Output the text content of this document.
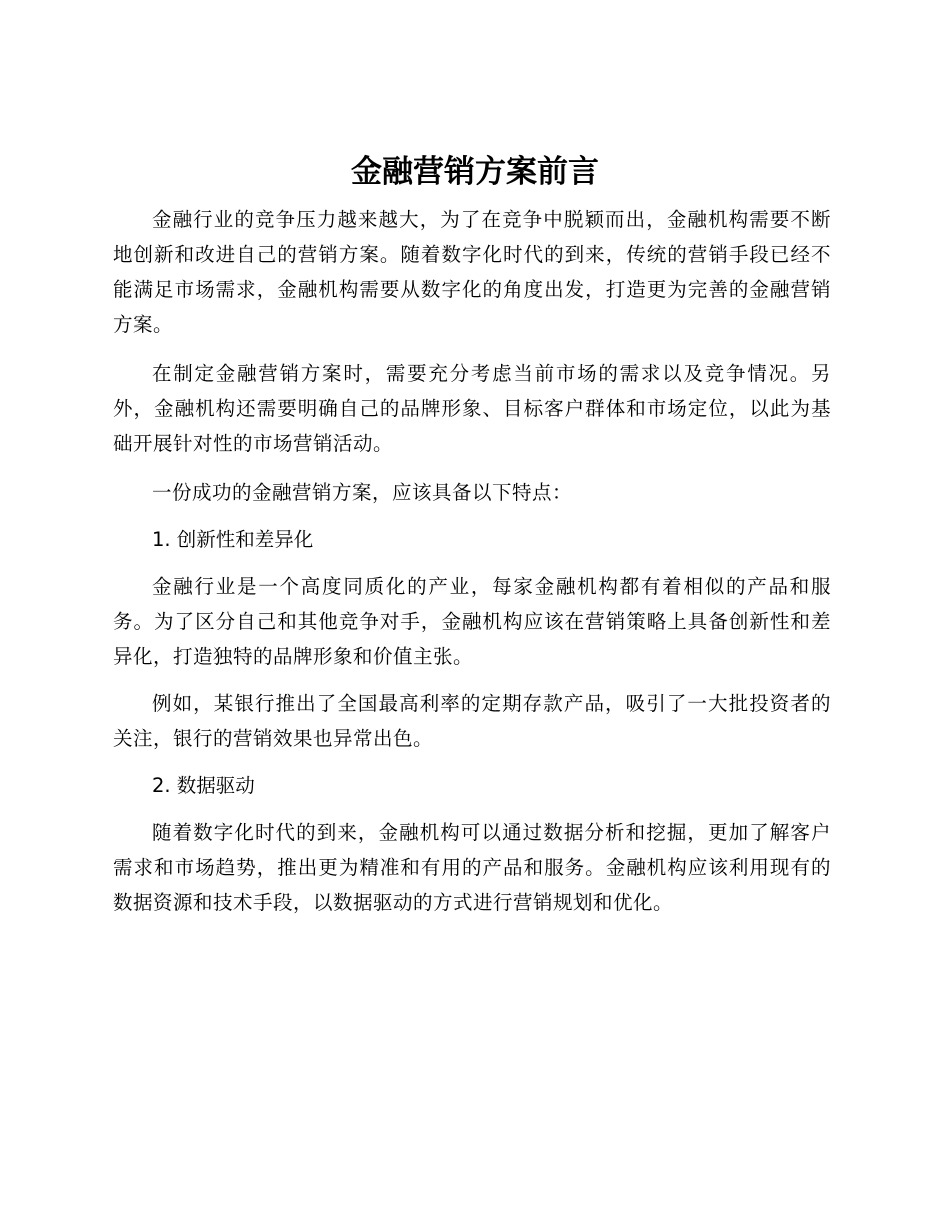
金融营销方案前言

金融行业的竞争压力越来越大，为了在竞争中脱颖而出，金融机构需要不断地创新和改进自己的营销方案。随着数字化时代的到来，传统的营销手段已经不能满足市场需求，金融机构需要从数字化的角度出发，打造更为完善的金融营销方案。

在制定金融营销方案时，需要充分考虑当前市场的需求以及竞争情况。另外，金融机构还需要明确自己的品牌形象、目标客户群体和市场定位，以此为基础开展针对性的市场营销活动。

一份成功的金融营销方案，应该具备以下特点：

1. 创新性和差异化

金融行业是一个高度同质化的产业，每家金融机构都有着相似的产品和服务。为了区分自己和其他竞争对手，金融机构应该在营销策略上具备创新性和差异化，打造独特的品牌形象和价值主张。

例如，某银行推出了全国最高利率的定期存款产品，吸引了一大批投资者的关注，银行的营销效果也异常出色。

2. 数据驱动

随着数字化时代的到来，金融机构可以通过数据分析和挖掘，更加了解客户需求和市场趋势，推出更为精准和有用的产品和服务。金融机构应该利用现有的数据资源和技术手段，以数据驱动的方式进行营销规划和优化。
